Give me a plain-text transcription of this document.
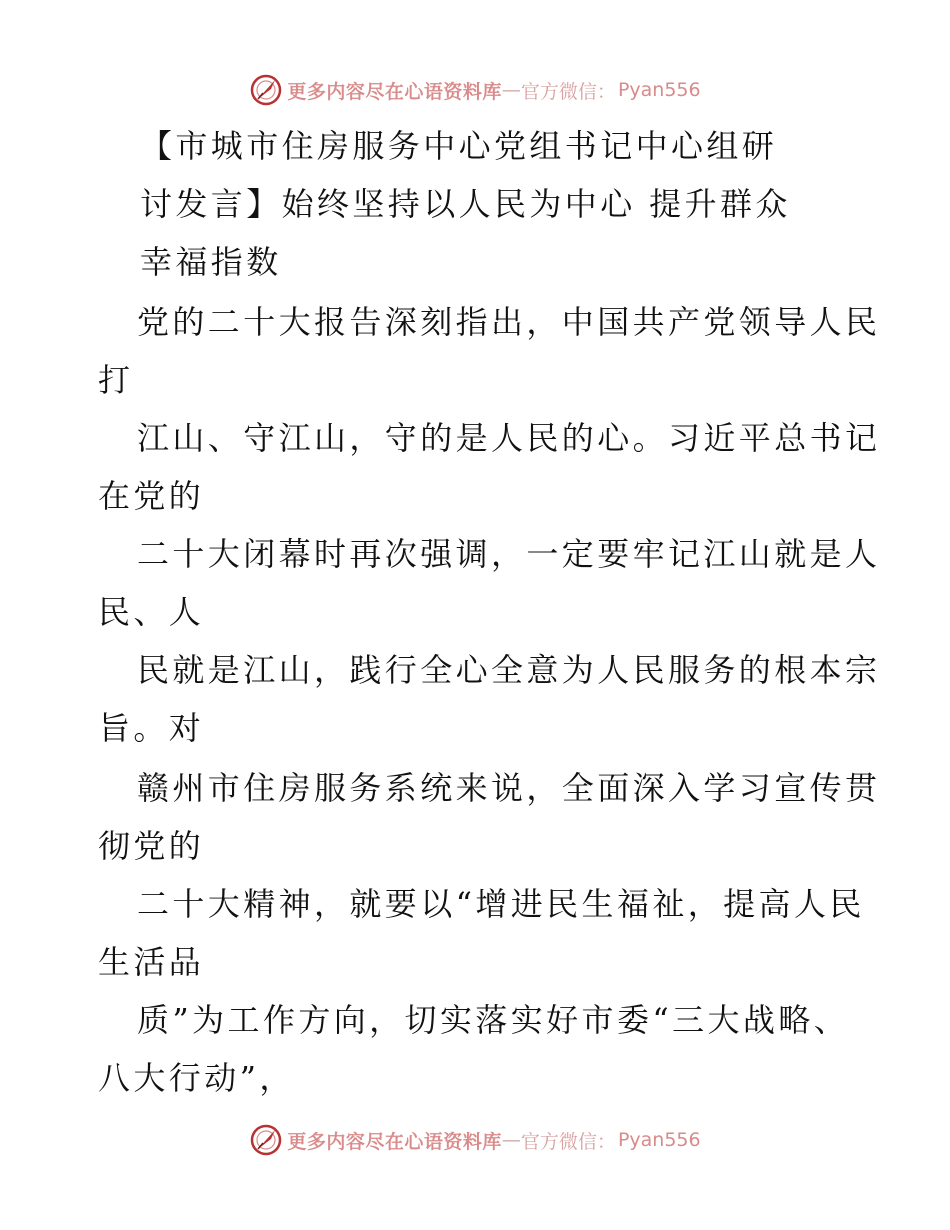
更多内容尽在心语资料库 — 官方微信： Pyan556
【市城市住房服务中心党组书记中心组研
讨发言】始终坚持以人民为中心 提升群众
幸福指数
党的二十大报告深刻指出，中国共产党领导人民
打
江山、守江山，守的是人民的心。习近平总书记
在党的
二十大闭幕时再次强调，一定要牢记江山就是人
民、人
民就是江山，践行全心全意为人民服务的根本宗
旨。对
赣州市住房服务系统来说，全面深入学习宣传贯
彻党的
二十大精神，就要以“增进民生福祉，提高人民
生活品
质”为工作方向，切实落实好市委“三大战略、
八大行动”，
更多内容尽在心语资料库 — 官方微信： Pyan556
